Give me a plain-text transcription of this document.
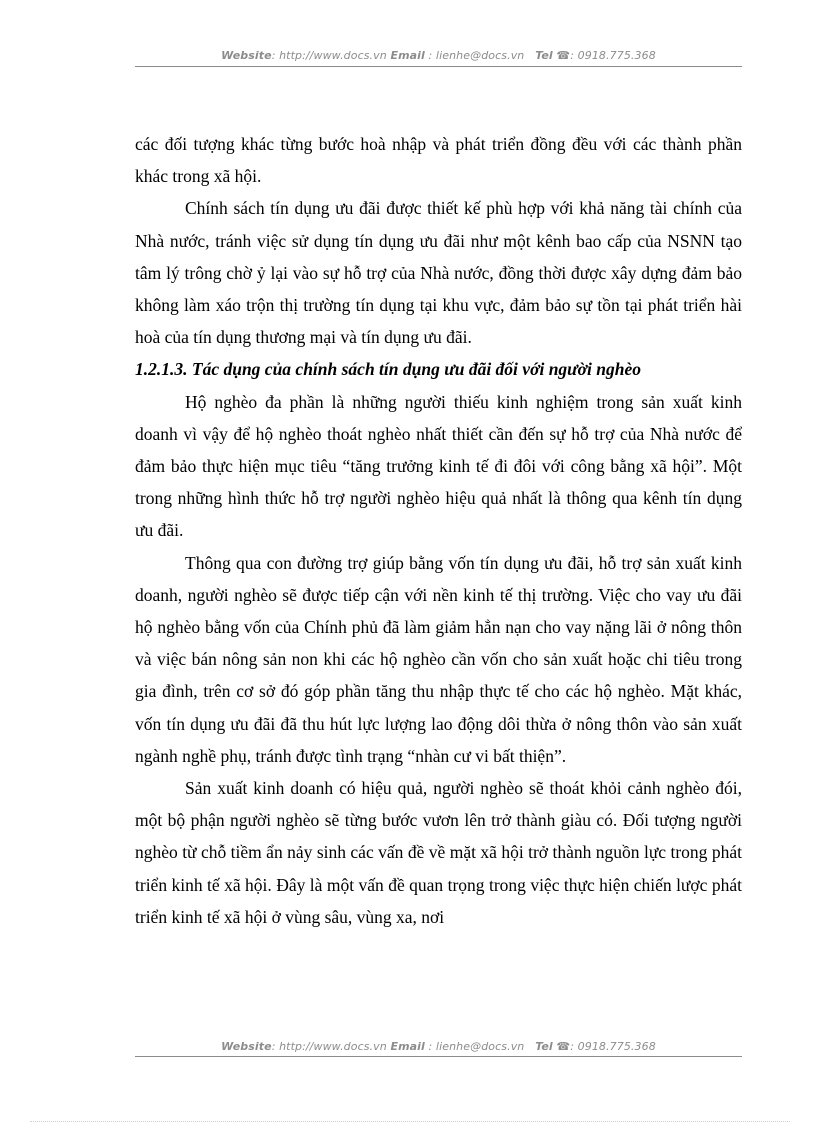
Website: http://www.docs.vn Email : lienhe@docs.vn Tel ☎: 0918.775.368

các đối tượng khác từng bước hoà nhập và phát triển đồng đều với các thành phần khác trong xã hội.

Chính sách tín dụng ưu đãi được thiết kế phù hợp với khả năng tài chính của Nhà nước, tránh việc sử dụng tín dụng ưu đãi như một kênh bao cấp của NSNN tạo tâm lý trông chờ ỷ lại vào sự hỗ trợ của Nhà nước, đồng thời được xây dựng đảm bảo không làm xáo trộn thị trường tín dụng tại khu vực, đảm bảo sự tồn tại phát triển hài hoà của tín dụng thương mại và tín dụng ưu đãi.

1.2.1.3. Tác dụng của chính sách tín dụng ưu đãi đối với người nghèo

Hộ nghèo đa phần là những người thiếu kinh nghiệm trong sản xuất kinh doanh vì vậy để hộ nghèo thoát nghèo nhất thiết cần đến sự hỗ trợ của Nhà nước để đảm bảo thực hiện mục tiêu “tăng trưởng kinh tế đi đôi với công bằng xã hội”. Một trong những hình thức hỗ trợ người nghèo hiệu quả nhất là thông qua kênh tín dụng ưu đãi.

Thông qua con đường trợ giúp bằng vốn tín dụng ưu đãi, hỗ trợ sản xuất kinh doanh, người nghèo sẽ được tiếp cận với nền kinh tế thị trường. Việc cho vay ưu đãi hộ nghèo bằng vốn của Chính phủ đã làm giảm hẳn nạn cho vay nặng lãi ở nông thôn và việc bán nông sản non khi các hộ nghèo cần vốn cho sản xuất hoặc chi tiêu trong gia đình, trên cơ sở đó góp phần tăng thu nhập thực tế cho các hộ nghèo. Mặt khác, vốn tín dụng ưu đãi đã thu hút lực lượng lao động dôi thừa ở nông thôn vào sản xuất ngành nghề phụ, tránh được tình trạng “nhàn cư vi bất thiện”.

Sản xuất kinh doanh có hiệu quả, người nghèo sẽ thoát khỏi cảnh nghèo đói, một bộ phận người nghèo sẽ từng bước vươn lên trở thành giàu có. Đối tượng người nghèo từ chỗ tiềm ẩn nảy sinh các vấn đề về mặt xã hội trở thành nguồn lực trong phát triển kinh tế xã hội. Đây là một vấn đề quan trọng trong việc thực hiện chiến lược phát triển kinh tế xã hội ở vùng sâu, vùng xa, nơi

Website: http://www.docs.vn Email : lienhe@docs.vn Tel ☎: 0918.775.368
